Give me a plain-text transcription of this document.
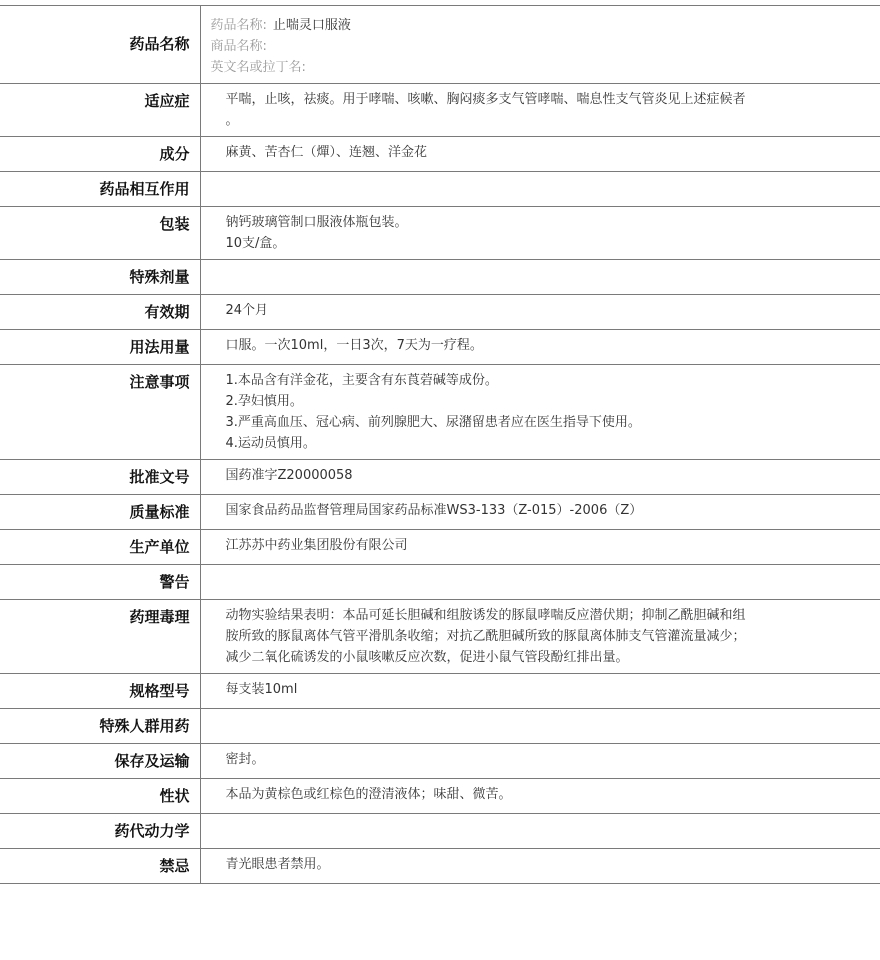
药品名称	药品名称: 止喘灵口服液
商品名称:
英文名或拉丁名:

适应症	平喘，止咳，祛痰。用于哮喘、咳嗽、胸闷痰多支气管哮喘、喘息性支气管炎见上述症候者
。

成分	麻黄、苦杏仁（燀）、连翘、洋金花

药品相互作用	
包装	钠钙玻璃管制口服液体瓶包装。
10支/盒。

特殊剂量	
有效期	24个月

用法用量	口服。一次10ml，一日3次，7天为一疗程。

注意事项	1.本品含有洋金花，主要含有东莨菪碱等成份。
2.孕妇慎用。
3.严重高血压、冠心病、前列腺肥大、尿潴留患者应在医生指导下使用。
4.运动员慎用。

批准文号	国药准字Z20000058

质量标准	国家食品药品监督管理局国家药品标准WS3-133（Z-015）-2006（Z）

生产单位	江苏苏中药业集团股份有限公司

警告	
药理毒理	动物实验结果表明：本品可延长胆碱和组胺诱发的豚鼠哮喘反应潜伏期；抑制乙酰胆碱和组
胺所致的豚鼠离体气管平滑肌条收缩；对抗乙酰胆碱所致的豚鼠离体肺支气管灌流量减少；
减少二氧化硫诱发的小鼠咳嗽反应次数，促进小鼠气管段酚红排出量。

规格型号	每支装10ml

特殊人群用药	
保存及运输	密封。

性状	本品为黄棕色或红棕色的澄清液体；味甜、微苦。

药代动力学	
禁忌	青光眼患者禁用。
